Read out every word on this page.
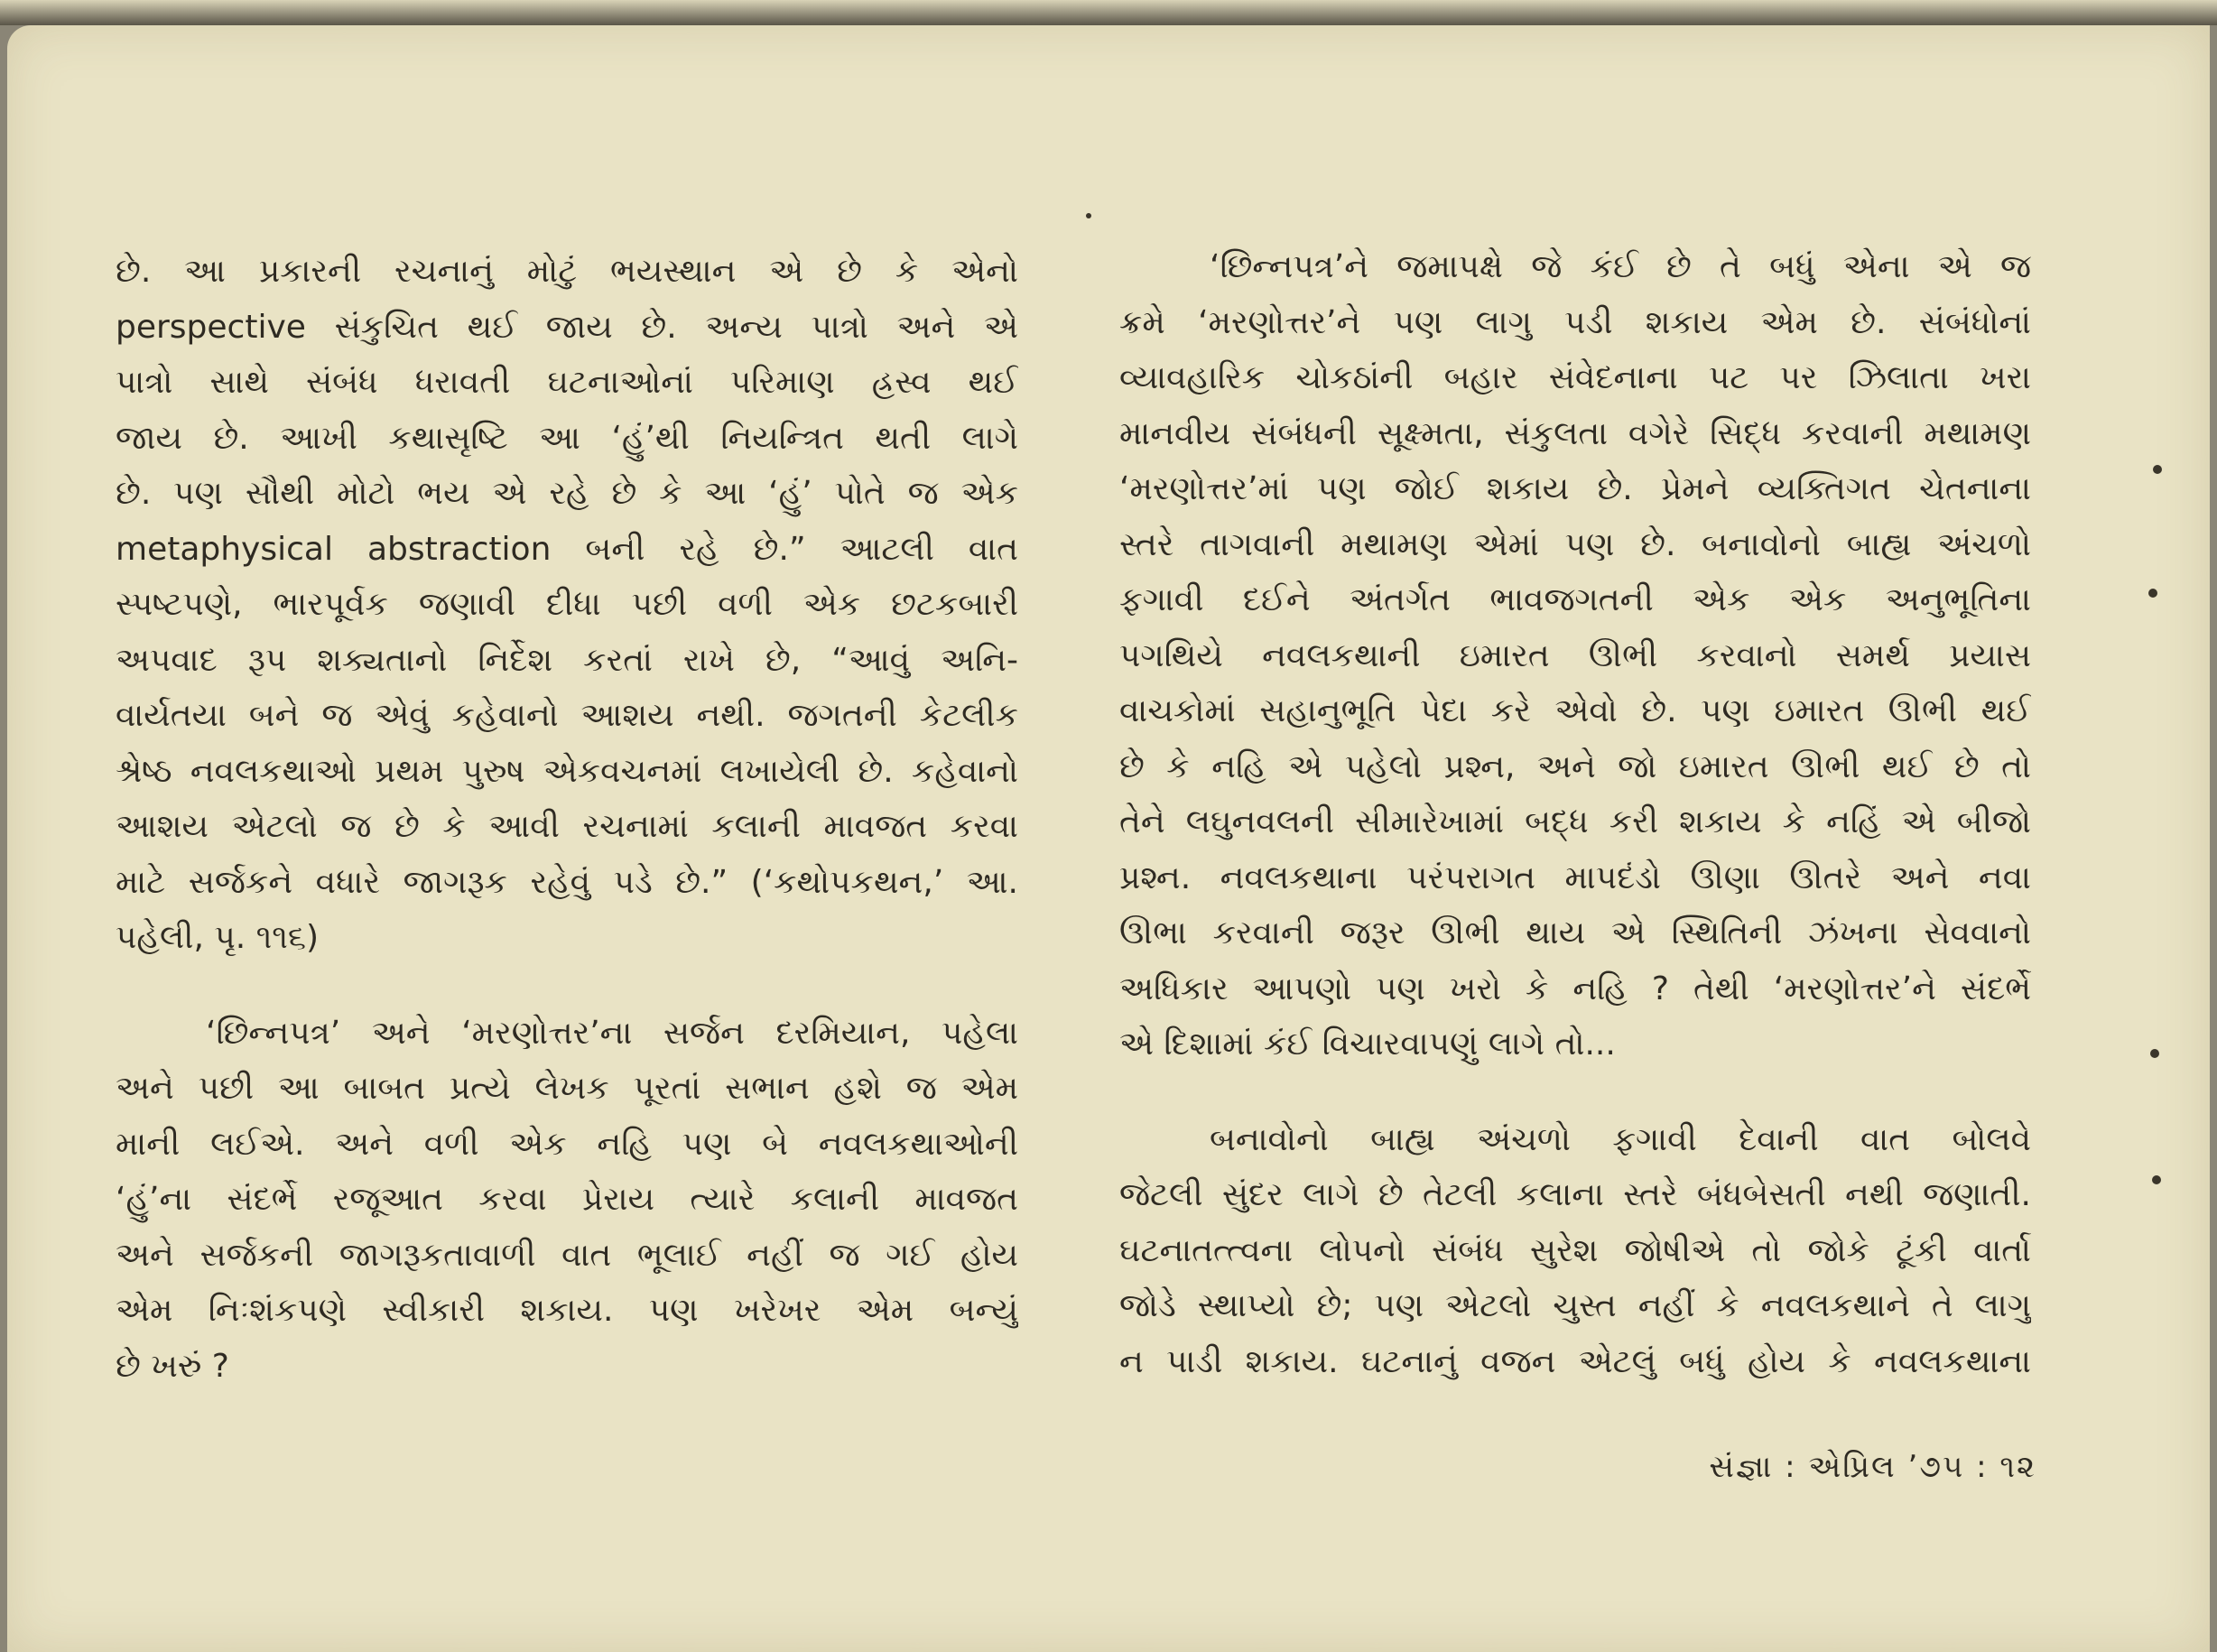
છે. આ પ્રકારની રચનાનું મોટું ભયસ્થાન એ છે કે એનો
perspective સંકુચિત થઈ જાય છે. અન્ય પાત્રો અને એ
પાત્રો સાથે સંબંધ ધરાવતી ઘટનાઓનાં પરિમાણ હ્રસ્વ થઈ
જાય છે. આખી કથાસૃષ્ટિ આ ‘હું’થી નિયન્ત્રિત થતી લાગે
છે. પણ સૌથી મોટો ભય એ રહે છે કે આ ‘હું’ પોતે જ એક
metaphysical abstraction બની રહે છે.” આટલી વાત
સ્પષ્ટપણે, ભારપૂર્વક જણાવી દીધા પછી વળી એક છટકબારી
અપવાદ રૂપ શક્યતાનો નિર્દેશ કરતાં રાખે છે, “આવું અનિ-
વાર્યતયા બને જ એવું કહેવાનો આશય નથી. જગતની કેટલીક
શ્રેષ્ઠ નવલકથાઓ પ્રથમ પુરુષ એકવચનમાં લખાયેલી છે. કહેવાનો
આશય એટલો જ છે કે આવી રચનામાં કલાની માવજત કરવા
માટે સર્જકને વધારે જાગરૂક રહેવું પડે છે.” (‘કથોપકથન,’ આ.
પહેલી, પૃ. ૧૧૬)
‘છિન્નપત્ર’ અને ‘મરણોત્તર’ના સર્જન દરમિયાન, પહેલા
અને પછી આ બાબત પ્રત્યે લેખક પૂરતાં સભાન હશે જ એમ
માની લઈએ. અને વળી એક નહિ પણ બે નવલકથાઓની
‘હું’ના સંદર્ભે રજૂઆત કરવા પ્રેરાય ત્યારે કલાની માવજત
અને સર્જકની જાગરૂકતાવાળી વાત ભૂલાઈ નહીં જ ગઈ હોય
એમ નિઃશંકપણે સ્વીકારી શકાય. પણ ખરેખર એમ બન્યું
છે ખરું ?
‘છિન્નપત્ર’ને જમાપક્ષે જે કંઈ છે તે બધું એના એ જ
ક્રમે ‘મરણોત્તર’ને પણ લાગુ પડી શકાય એમ છે. સંબંધોનાં
વ્યાવહારિક ચોકઠાંની બહાર સંવેદનાના પટ પર ઝિલાતા ખરા
માનવીય સંબંધની સૂક્ષ્મતા, સંકુલતા વગેરે સિદ્ધ કરવાની મથામણ
‘મરણોત્તર’માં પણ જોઈ શકાય છે. પ્રેમને વ્યક્તિગત ચેતનાના
સ્તરે તાગવાની મથામણ એમાં પણ છે. બનાવોનો બાહ્ય અંચળો
ફગાવી દઈને અંતર્ગત ભાવજગતની એક એક અનુભૂતિના
પગથિયે નવલકથાની ઇમારત ઊભી કરવાનો સમર્થ પ્રયાસ
વાચકોમાં સહાનુભૂતિ પેદા કરે એવો છે. પણ ઇમારત ઊભી થઈ
છે કે નહિ એ પહેલો પ્રશ્ન, અને જો ઇમારત ઊભી થઈ છે તો
તેને લઘુનવલની સીમારેખામાં બદ્ધ કરી શકાય કે નહિં એ બીજો
પ્રશ્ન. નવલકથાના પરંપરાગત માપદંડો ઊણા ઊતરે અને નવા
ઊભા કરવાની જરૂર ઊભી થાય એ સ્થિતિની ઝંખના સેવવાનો
અધિકાર આપણો પણ ખરો કે નહિ ? તેથી ‘મરણોત્તર’ને સંદર્ભે
એ દિશામાં કંઈ વિચારવાપણું લાગે તો...
બનાવોનો બાહ્ય અંચળો ફગાવી દેવાની વાત બોલવે
જેટલી સુંદર લાગે છે તેટલી કલાના સ્તરે બંધબેસતી નથી જણાતી.
ઘટનાતત્ત્વના લોપનો સંબંધ સુરેશ જોષીએ તો જોકે ટૂંકી વાર્તા
જોડે સ્થાપ્યો છે; પણ એટલો ચુસ્ત નહીં કે નવલકથાને તે લાગુ
ન પાડી શકાય. ઘટનાનું વજન એટલું બધું હોય કે નવલકથાના
સંજ્ઞા : એપ્રિલ ’૭૫ : ૧૨
